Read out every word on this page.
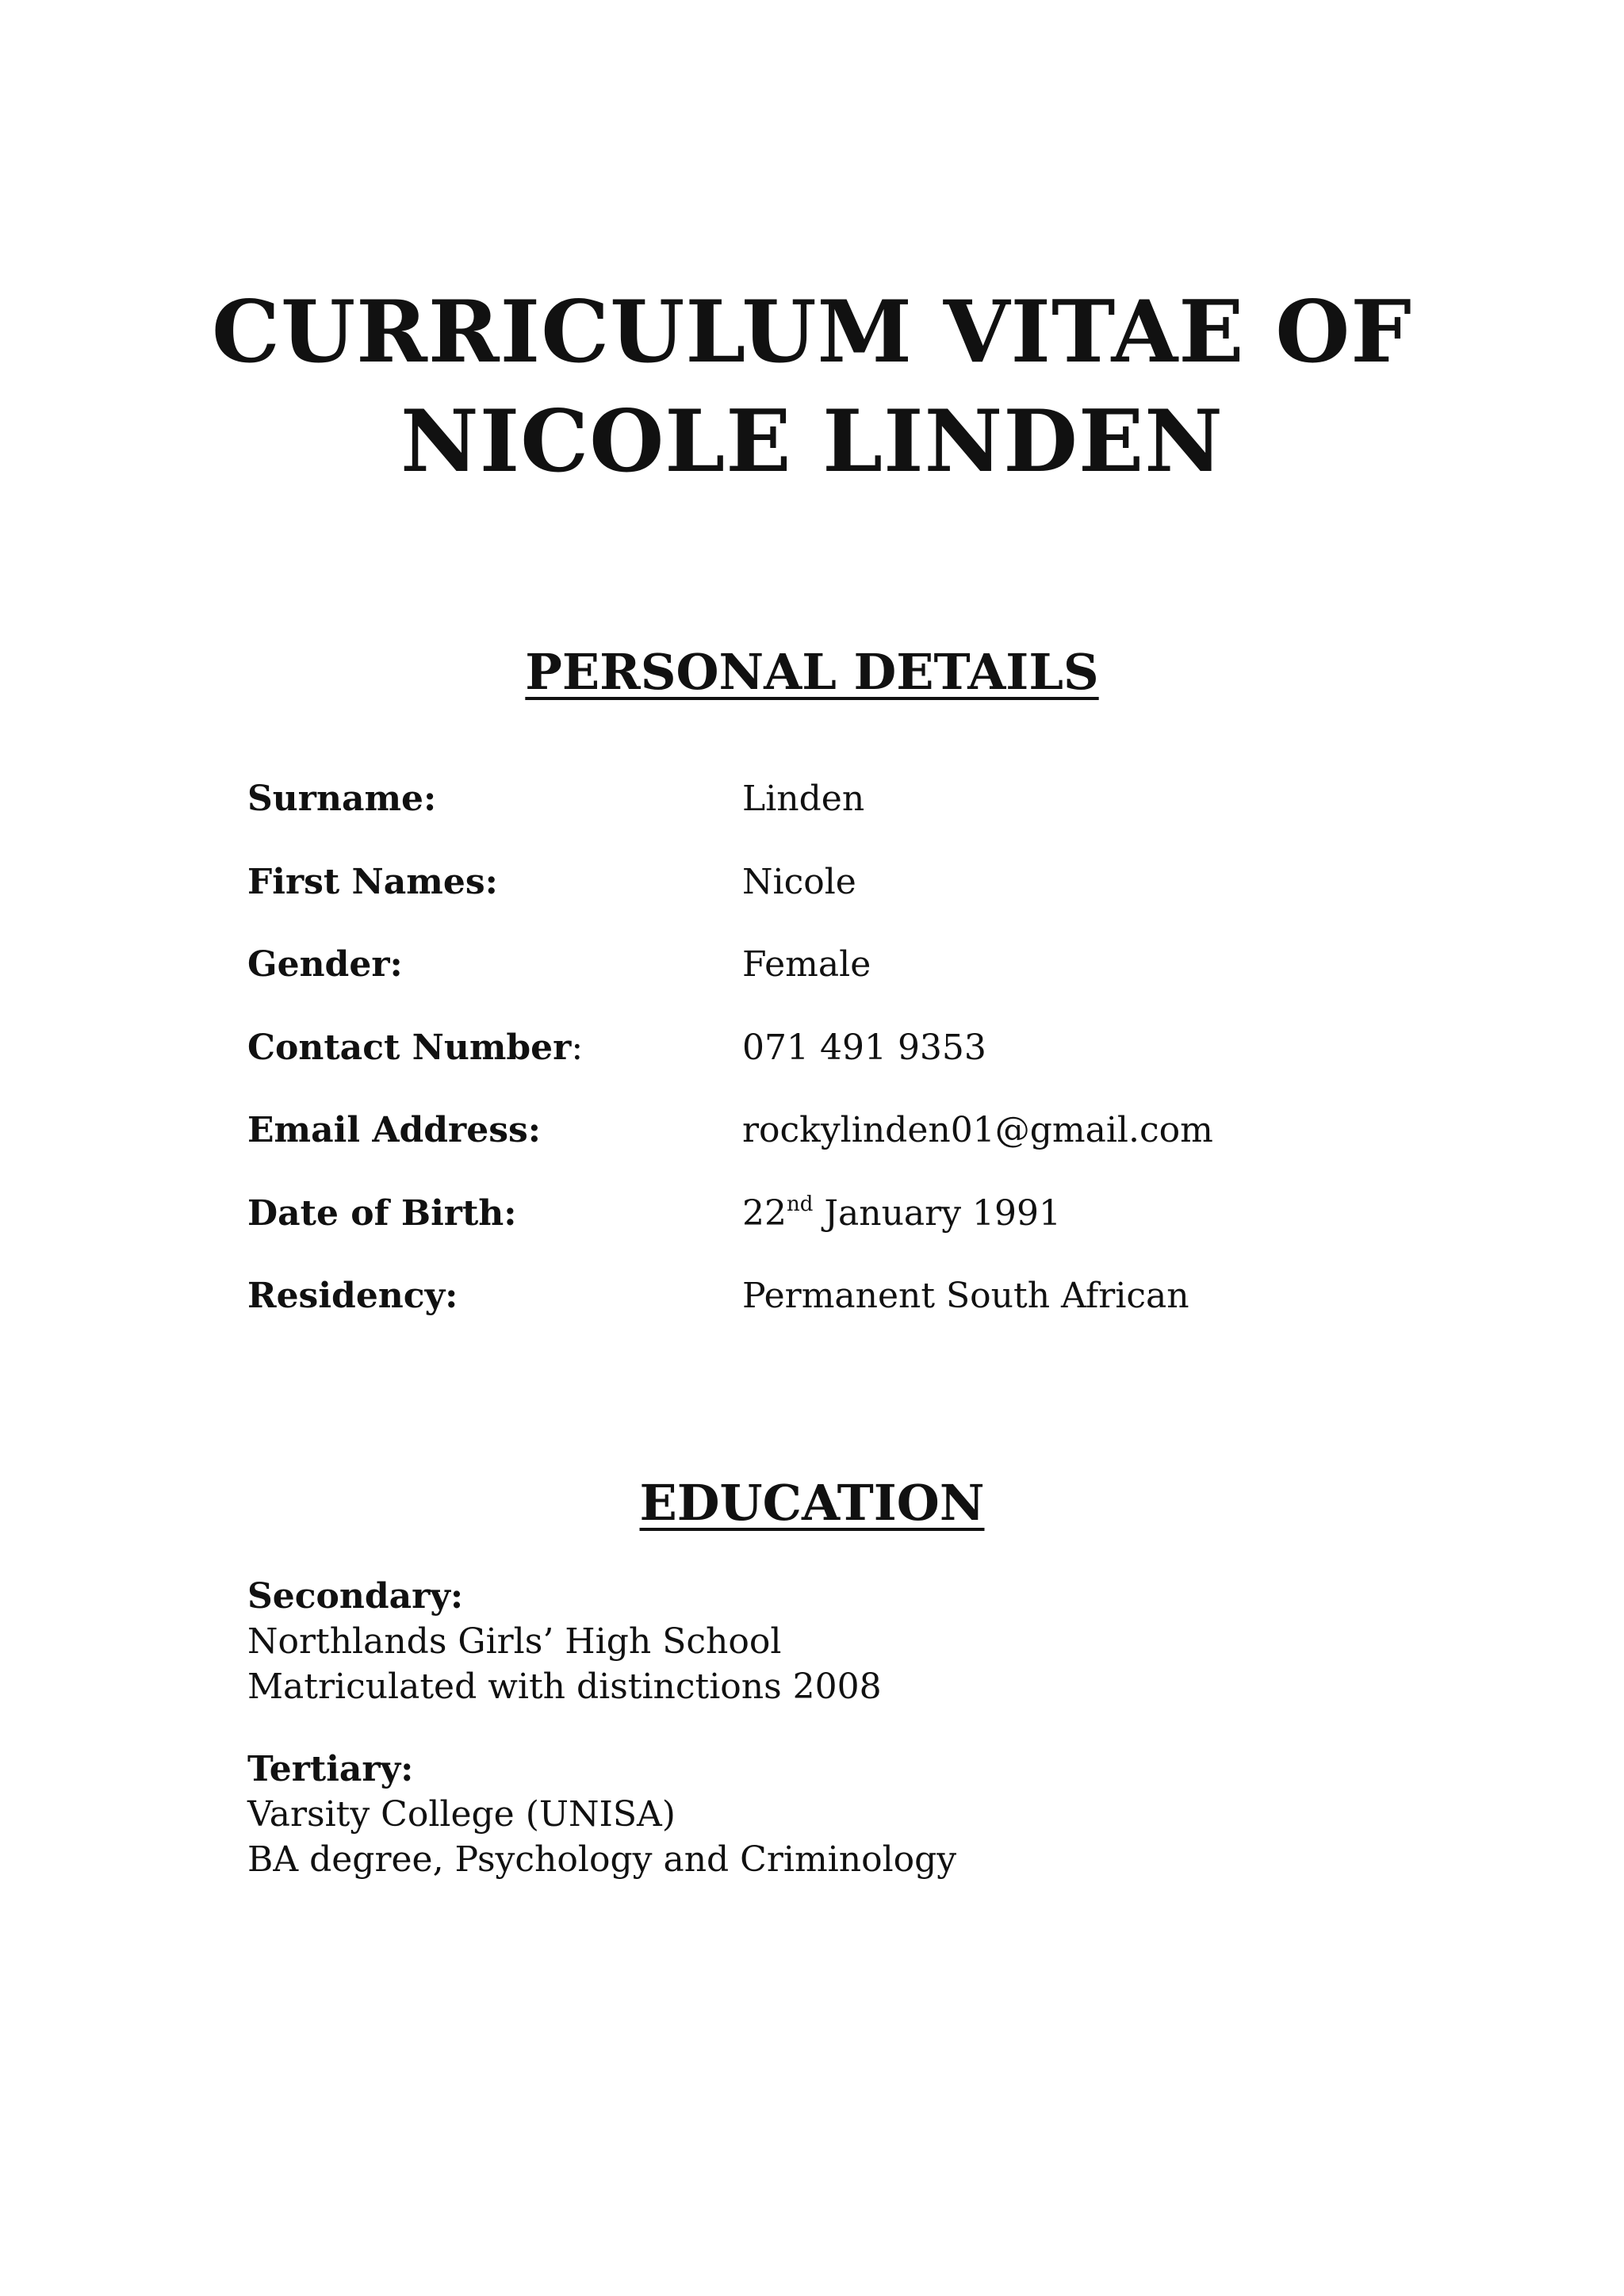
CURRICULUM VITAE OF
NICOLE LINDEN
PERSONAL DETAILS
Surname:	Linden
First Names:	Nicole
Gender:	Female
Contact Number:	071 491 9353
Email Address:	rockylinden01@gmail.com
Date of Birth:	22nd January 1991
Residency:	Permanent South African
EDUCATION
Secondary:
Northlands Girls’ High School
Matriculated with distinctions 2008
Tertiary:
Varsity College (UNISA)
BA degree, Psychology and Criminology
